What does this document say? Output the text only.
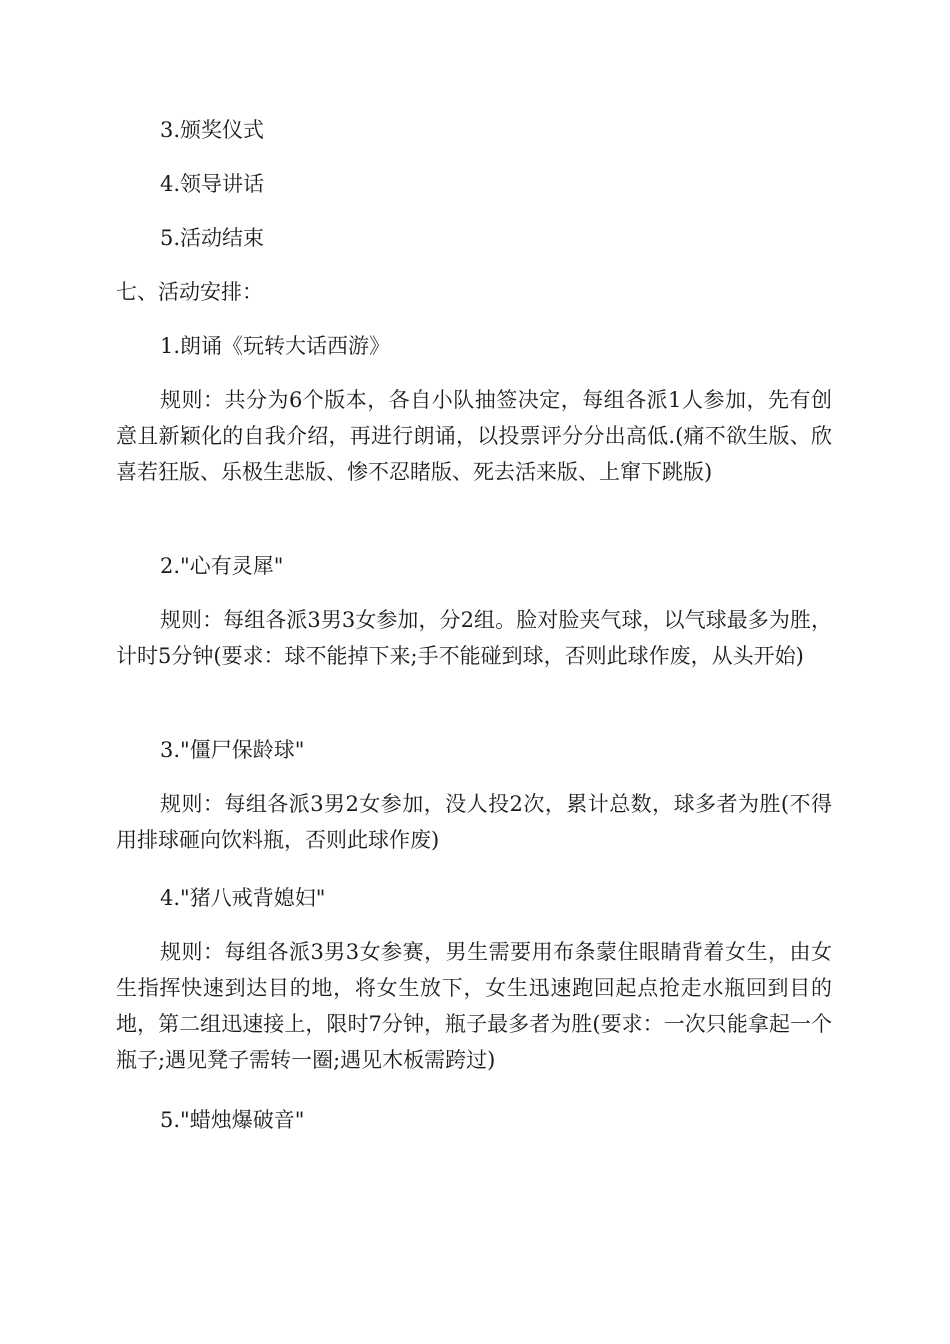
3.颁奖仪式

4.领导讲话

5.活动结束

七、活动安排：

1.朗诵《玩转大话西游》

规则：共分为6个版本，各自小队抽签决定，每组各派1人参加，先有创意且新颖化的自我介绍，再进行朗诵，以投票评分分出高低.(痛不欲生版、欣喜若狂版、乐极生悲版、惨不忍睹版、死去活来版、上窜下跳版)

2."心有灵犀"

规则：每组各派3男3女参加，分2组。脸对脸夹气球，以气球最多为胜，计时5分钟(要求：球不能掉下来;手不能碰到球，否则此球作废，从头开始)

3."僵尸保龄球"

规则：每组各派3男2女参加，没人投2次，累计总数，球多者为胜(不得用排球砸向饮料瓶，否则此球作废)

4."猪八戒背媳妇"

规则：每组各派3男3女参赛，男生需要用布条蒙住眼睛背着女生，由女生指挥快速到达目的地，将女生放下，女生迅速跑回起点抢走水瓶回到目的地，第二组迅速接上，限时7分钟，瓶子最多者为胜(要求：一次只能拿起一个瓶子;遇见凳子需转一圈;遇见木板需跨过)

5."蜡烛爆破音"
